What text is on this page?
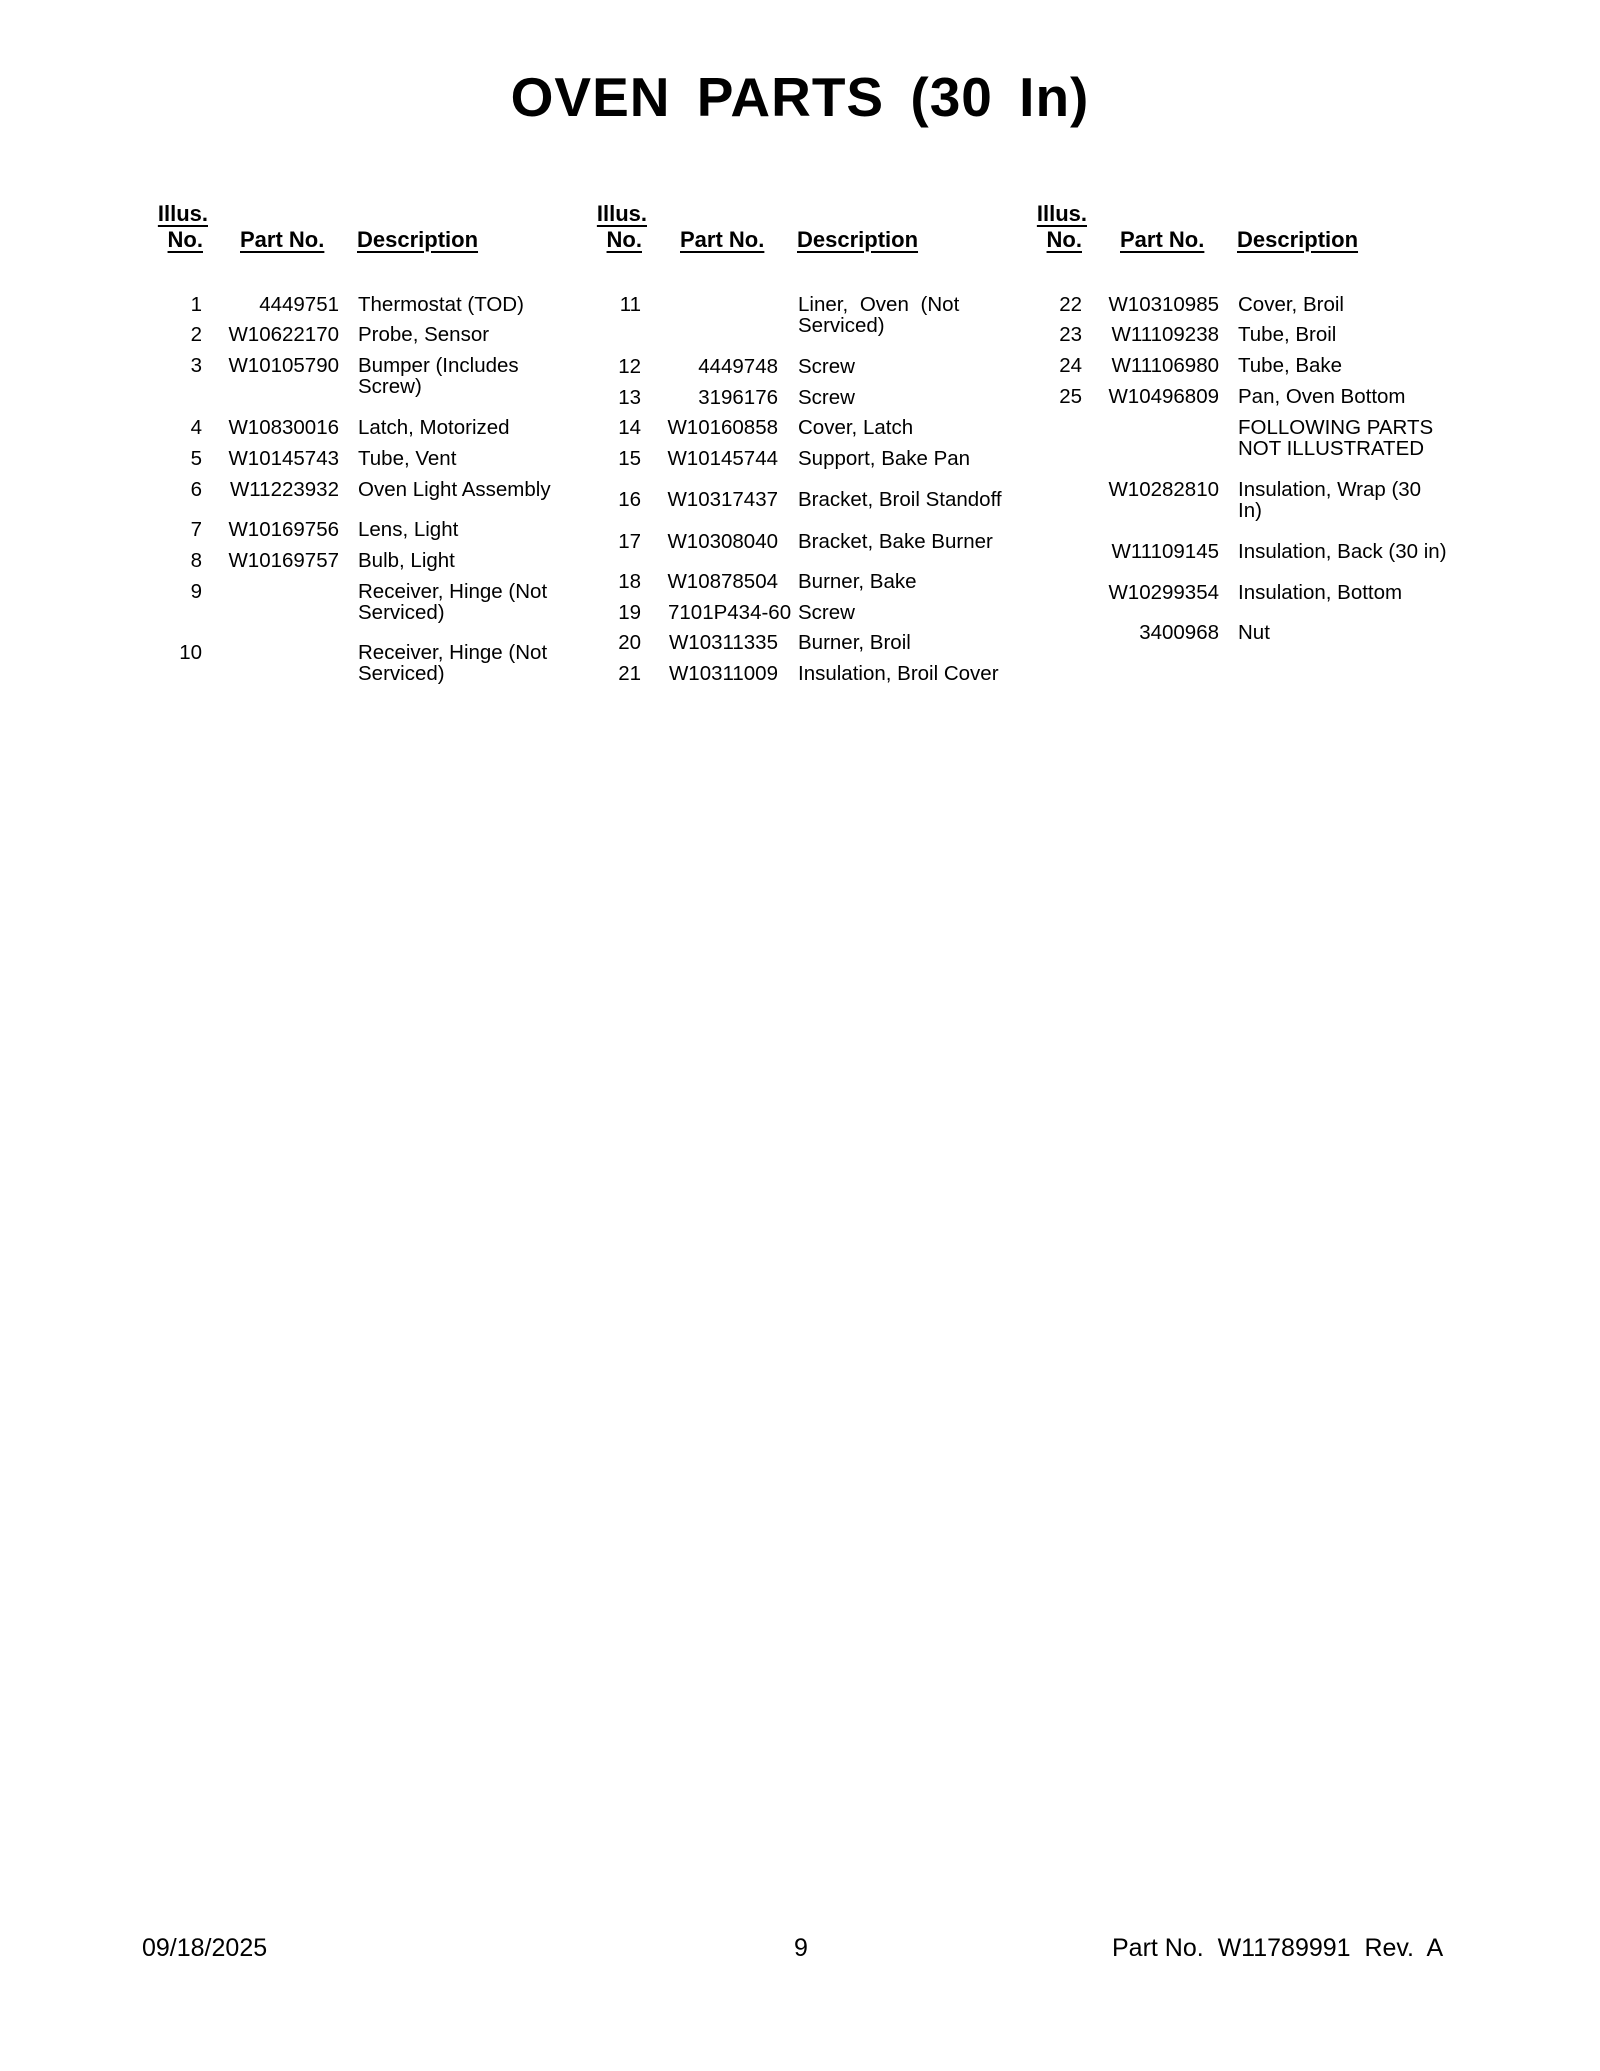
OVEN PARTS (30 In)
Illus.
No. Part No. Description
Illus.
No. Part No. Description
Illus.
No. Part No. Description
1	4449751 Thermostat (TOD)
2	W10622170 Probe, Sensor
3	W10105790 Bumper (Includes Screw)
4	W10830016 Latch, Motorized
5	W10145743 Tube, Vent
6	W11223932 Oven Light Assembly
7	W10169756 Lens, Light
8	W10169757 Bulb, Light
9	Receiver, Hinge (Not Serviced)
10	Receiver, Hinge (Not Serviced)
11	Liner, Oven (Not Serviced)
12	4449748 Screw
13	3196176 Screw
14	W10160858 Cover, Latch
15	W10145744 Support, Bake Pan
16	W10317437 Bracket, Broil Standoff
17	W10308040 Bracket, Bake Burner
18	W10878504 Burner, Bake
19 7101P434-60 Screw
20	W10311335 Burner, Broil
21	W10311009 Insulation, Broil Cover
22	W10310985 Cover, Broil
23	W11109238 Tube, Broil
24	W11106980 Tube, Bake
25	W10496809 Pan, Oven Bottom
FOLLOWING PARTS NOT ILLUSTRATED
W10282810 Insulation, Wrap (30 In)
W11109145 Insulation, Back (30 in)
W10299354 Insulation, Bottom
3400968 Nut
09/18/2025	9	Part No.  W11789991  Rev.  A
